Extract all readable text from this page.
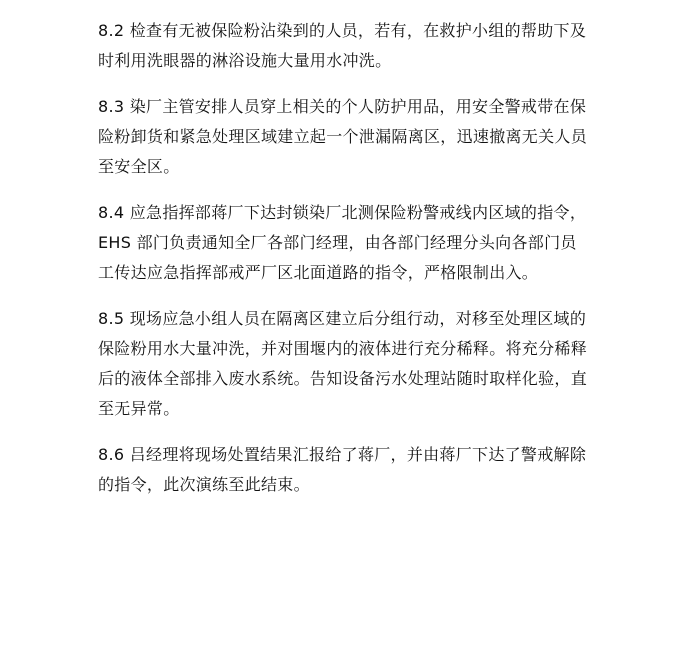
8.2 检查有无被保险粉沾染到的人员，若有，在救护小组的帮助下及
时利用洗眼器的淋浴设施大量用水冲洗。
8.3 染厂主管安排人员穿上相关的个人防护用品，用安全警戒带在保
险粉卸货和紧急处理区域建立起一个泄漏隔离区，迅速撤离无关人员
至安全区。
8.4 应急指挥部蒋厂下达封锁染厂北测保险粉警戒线内区域的指令，
EHS 部门负责通知全厂各部门经理，由各部门经理分头向各部门员
工传达应急指挥部戒严厂区北面道路的指令，严格限制出入。
8.5 现场应急小组人员在隔离区建立后分组行动，对移至处理区域的
保险粉用水大量冲洗，并对围堰内的液体进行充分稀释。将充分稀释
后的液体全部排入废水系统。告知设备污水处理站随时取样化验，直
至无异常。
8.6 吕经理将现场处置结果汇报给了蒋厂，并由蒋厂下达了警戒解除
的指令，此次演练至此结束。
